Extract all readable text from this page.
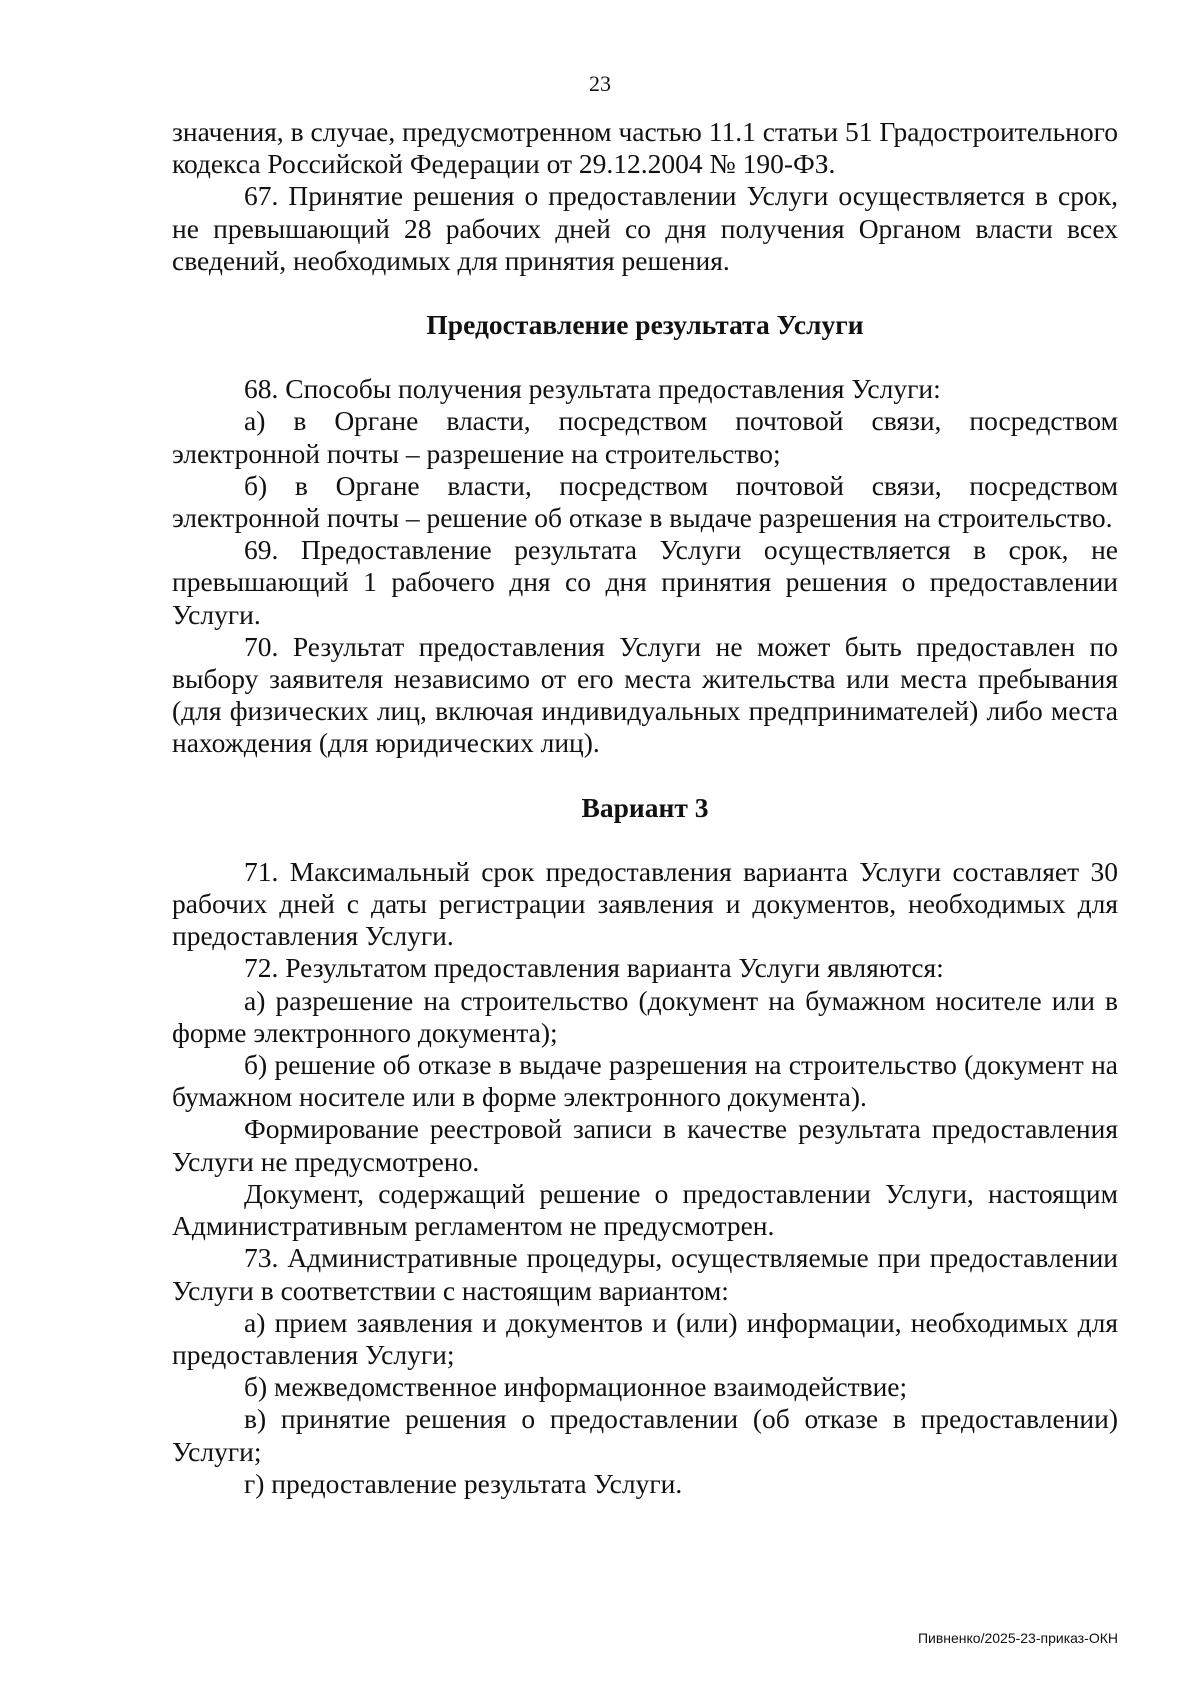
23

значения, в случае, предусмотренном частью 11.1 статьи 51 Градостроительного кодекса Российской Федерации от 29.12.2004 № 190-ФЗ.

67. Принятие решения о предоставлении Услуги осуществляется в срок, не превышающий 28 рабочих дней со дня получения Органом власти всех сведений, необходимых для принятия решения.

Предоставление результата Услуги

68. Способы получения результата предоставления Услуги:

а) в Органе власти, посредством почтовой связи, посредством электронной почты – разрешение на строительство;

б) в Органе власти, посредством почтовой связи, посредством электронной почты – решение об отказе в выдаче разрешения на строительство.

69. Предоставление результата Услуги осуществляется в срок, не превышающий 1 рабочего дня со дня принятия решения о предоставлении Услуги.

70. Результат предоставления Услуги не может быть предоставлен по выбору заявителя независимо от его места жительства или места пребывания (для физических лиц, включая индивидуальных предпринимателей) либо места нахождения (для юридических лиц).

Вариант 3

71. Максимальный срок предоставления варианта Услуги составляет 30 рабочих дней с даты регистрации заявления и документов, необходимых для предоставления Услуги.

72. Результатом предоставления варианта Услуги являются:

а) разрешение на строительство (документ на бумажном носителе или в форме электронного документа);

б) решение об отказе в выдаче разрешения на строительство (документ на бумажном носителе или в форме электронного документа).

Формирование реестровой записи в качестве результата предоставления Услуги не предусмотрено.

Документ, содержащий решение о предоставлении Услуги, настоящим Административным регламентом не предусмотрен.

73. Административные процедуры, осуществляемые при предоставлении Услуги в соответствии с настоящим вариантом:

а) прием заявления и документов и (или) информации, необходимых для предоставления Услуги;

б) межведомственное информационное взаимодействие;

в) принятие решения о предоставлении (об отказе в предоставлении) Услуги;

г) предоставление результата Услуги.

Пивненко/2025-23-приказ-ОКН
